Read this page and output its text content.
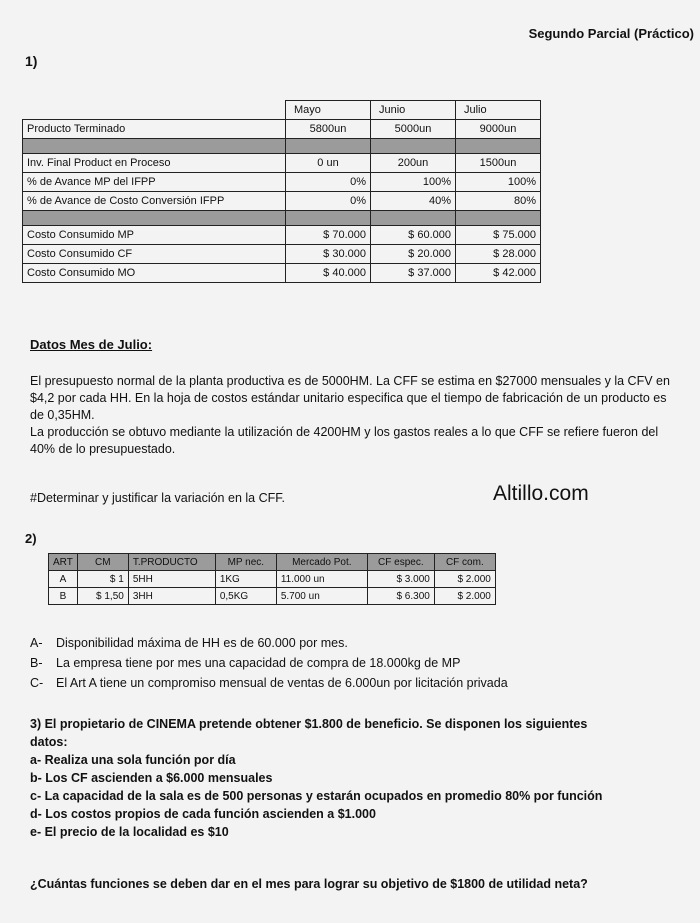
Segundo Parcial (Práctico)
1)
	Mayo	Junio	Julio
Producto Terminado	5800un	5000un	9000un

Inv. Final Product en Proceso	0 un	200un	1500un
% de Avance MP del IFPP	0%	100%	100%
% de Avance de Costo Conversión IFPP	0%	40%	80%

Costo Consumido MP	$ 70.000	$ 60.000	$ 75.000
Costo Consumido CF	$ 30.000	$ 20.000	$ 28.000
Costo Consumido MO	$ 40.000	$ 37.000	$ 42.000
Datos Mes de Julio:
El presupuesto normal de la planta productiva es de 5000HM. La CFF se estima en $27000 mensuales y la CFV en $4,2 por cada HH. En la hoja de costos estándar unitario especifica que el tiempo de fabricación de un producto es de 0,35HM.
La producción se obtuvo mediante la utilización de 4200HM y los gastos reales a lo que CFF se refiere fueron del 40% de lo presupuestado.
#Determinar y justificar la variación en la CFF.	Altillo.com
2)
ART	CM	T.PRODUCTO	MP nec.	Mercado Pot.	CF espec.	CF com.
A	$ 1	5HH	1KG	11.000 un	$ 3.000	$ 2.000
B	$ 1,50	3HH	0,5KG	5.700 un	$ 6.300	$ 2.000
A-	Disponibilidad máxima de HH es de 60.000 por mes.
B-	La empresa tiene por mes una capacidad de compra de 18.000kg de MP
C-	El Art A tiene un compromiso mensual de ventas de 6.000un por licitación privada
3) El propietario de CINEMA pretende obtener $1.800 de beneficio. Se disponen los siguientes
datos:
a- Realiza una sola función por día
b- Los CF ascienden a $6.000 mensuales
c- La capacidad de la sala es de 500 personas y estarán ocupados en promedio 80% por función
d- Los costos propios de cada función ascienden a $1.000
e- El precio de la localidad es $10
¿Cuántas funciones se deben dar en el mes para lograr su objetivo de $1800 de utilidad neta?
